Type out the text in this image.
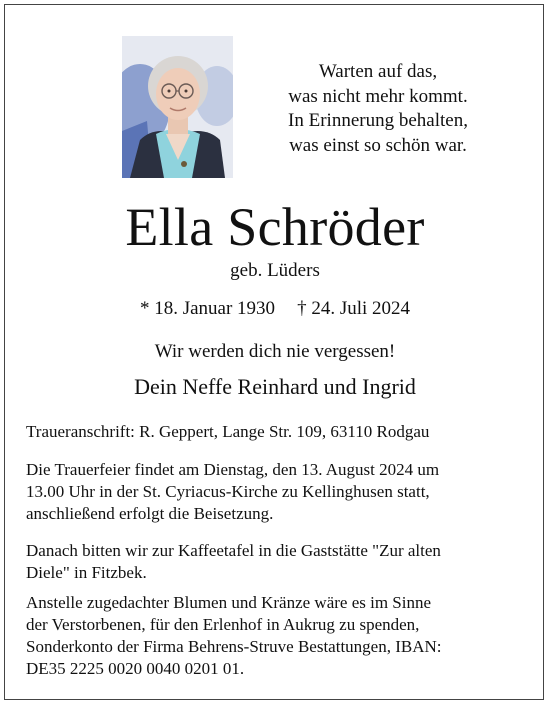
Warten auf das,
was nicht mehr kommt.
In Erinnerung behalten,
was einst so schön war.
Ella Schröder
geb. Lüders
* 18. Januar 1930 † 24. Juli 2024
Wir werden dich nie vergessen!
Dein Neffe Reinhard und Ingrid
Traueranschrift: R. Geppert, Lange Str. 109, 63110 Rodgau
Die Trauerfeier findet am Dienstag, den 13. August 2024 um
13.00 Uhr in der St. Cyriacus-Kirche zu Kellinghusen statt,
anschließend erfolgt die Beisetzung.
Danach bitten wir zur Kaffeetafel in die Gaststätte "Zur alten
Diele" in Fitzbek.
Anstelle zugedachter Blumen und Kränze wäre es im Sinne
der Verstorbenen, für den Erlenhof in Aukrug zu spenden,
Sonderkonto der Firma Behrens-Struve Bestattungen, IBAN:
DE35 2225 0020 0040 0201 01.
